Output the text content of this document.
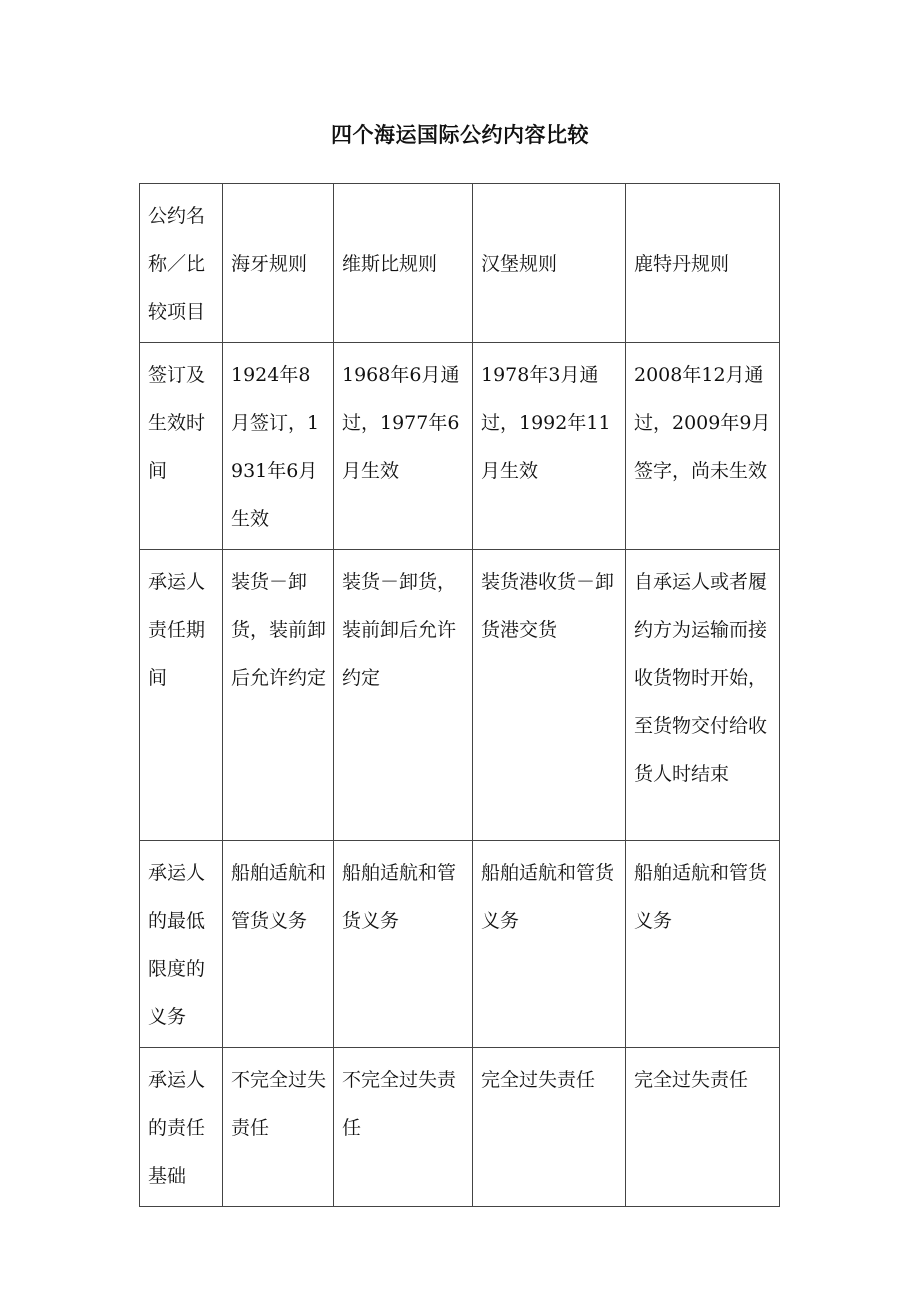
四个海运国际公约内容比较
公约名称／比较项目	海牙规则	维斯比规则	汉堡规则	鹿特丹规则
签订及生效时间	1924年8月签订，1931年6月生效	1968年6月通过，1977年6月生效	1978年3月通过，1992年11月生效	2008年12月通过，2009年9月签字，尚未生效
承运人责任期间	装货－卸货，装前卸后允许约定	装货－卸货，装前卸后允许约定	装货港收货－卸货港交货	自承运人或者履约方为运输而接收货物时开始，至货物交付给收货人时结束
承运人的最低限度的义务	船舶适航和管货义务	船舶适航和管货义务	船舶适航和管货义务	船舶适航和管货义务
承运人的责任基础	不完全过失责任	不完全过失责任	完全过失责任	完全过失责任
